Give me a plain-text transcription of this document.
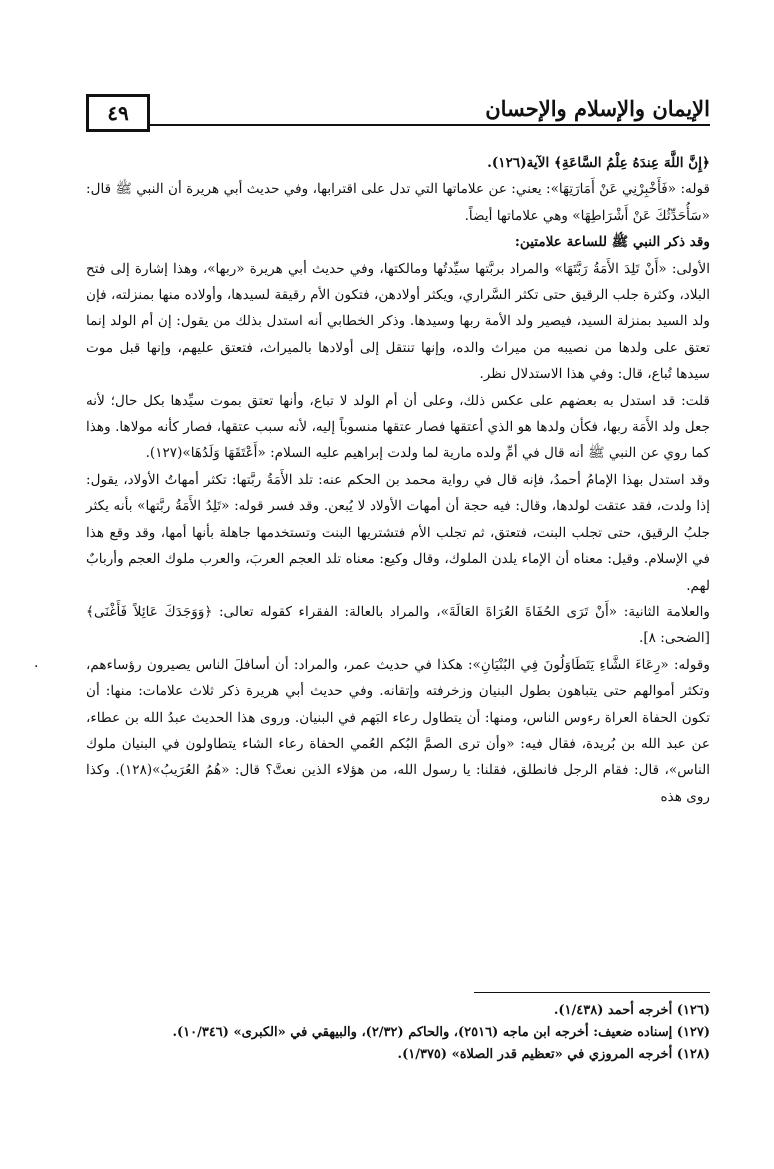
الإيمان والإسلام والإحسان
٤٩

﴿إِنَّ اللَّهَ عِندَهُ عِلْمُ السَّاعَةِ﴾ الآية(١٢٦).

قوله: «فَأَخْبِرْنِي عَنْ أَمَارَتِهَا»: يعني: عن علاماتها التي تدل على اقترابها، وفي حديث أبي هريرة أن النبي ﷺ قال: «سَأُحَدِّثُكَ عَنْ أَشْرَاطِهَا» وهي علاماتها أيضاً.

وقد ذكر النبي ﷺ للساعة علامتين:

الأولى: «أَنْ تَلِدَ الأَمَةُ رَبَّتَهَا» والمراد بربَّتها سيِّدتُها ومالكتها، وفي حديث أبي هريرة «ربها»، وهذا إشارة إلى فتح البلاد، وكثرة جلب الرقيق حتى تكثر السَّراري، ويكثر أولادهن، فتكون الأم رقيقة لسيدها، وأولاده منها بمنزلته، فإن ولد السيد بمنزلة السيد، فيصير ولد الأمة ربها وسيدها. وذكر الخطابي أنه استدل بذلك من يقول: إن أم الولد إنما تعتق على ولدها من نصيبه من ميراث والده، وإنها تنتقل إلى أولادها بالميراث، فتعتق عليهم، وإنها قبل موت سيدها تُباع، قال: وفي هذا الاستدلال نظر.

قلت: قد استدل به بعضهم على عكس ذلك، وعلى أن أم الولد لا تباع، وأنها تعتق بموت سيِّدها بكل حال؛ لأنه جعل ولد الأَمَة ربها، فكأن ولدها هو الذي أعتقها فصار عتقها منسوباً إليه، لأنه سبب عتقها، فصار كأنه مولاها. وهذا كما روي عن النبي ﷺ أنه قال في أمِّ ولده مارية لما ولدت إبراهيم عليه السلام: «أَعْتَقَهَا وَلَدُهَا»(١٢٧).

وقد استدل بهذا الإمامُ أحمدُ، فإنه قال في رواية محمد بن الحكم عنه: تلد الأَمَةُ ربَّتها: تكثر أمهاتُ الأولاد، يقول: إذا ولدت، فقد عتقت لولدها، وقال: فيه حجة أن أمهات الأولاد لا يُبعن. وقد فسر قوله: «تَلِدُ الأَمَةُ ربَّتها» بأنه يكثر جلبُ الرقيق، حتى تجلب البنت، فتعتق، ثم تجلب الأم فتشتريها البنت وتستخدمها جاهلة بأنها أمها، وقد وقع هذا في الإسلام. وقيل: معناه أن الإماء يلدن الملوك، وقال وكيع: معناه تلد العجم العربَ، والعرب ملوك العجم وأربابٌ لهم.

والعلامة الثانية: «أَنْ تَرَى الحُفَاةَ العُرَاةَ العَالَةَ»، والمراد بالعالة: الفقراء كقوله تعالى: ﴿وَوَجَدَكَ عَائِلاً فَأَغْنَى﴾ [الضحى: ٨].

وقوله: «رِعَاءَ الشَّاءِ يَتَطَاوَلُونَ فِي البُنْيَانِ»: هكذا في حديث عمر، والمراد: أن أسافلَ الناس يصيرون رؤساءهم، وتكثر أموالهم حتى يتباهون بطول البنيان وزخرفته وإتقانه. وفي حديث أبي هريرة ذكر ثلاث علامات: منها: أن تكون الحفاة العراة رءوس الناس، ومنها: أن يتطاول رعاء البَهم في البنيان. وروى هذا الحديث عبدُ الله بن عطاء، عن عبد الله بن بُريدة، فقال فيه: «وأن ترى الصمَّ البُكم العُمي الحفاة رعاء الشاء يتطاولون في البنيان ملوك الناس»، قال: فقام الرجل فانطلق، فقلنا: يا رسول الله، من هؤلاء الذين نعتَّ؟ قال: «هُمُ العُرَيبُ»(١٢٨). وكذا روى هذه

.

(١٢٦) أخرجه أحمد (١/٤٣٨).

(١٢٧) إسناده ضعيف: أخرجه ابن ماجه (٢٥١٦)، والحاكم (٢/٣٢)، والبيهقي في «الكبرى» (١٠/٣٤٦).

(١٢٨) أخرجه المروزي في «تعظيم قدر الصلاة» (١/٣٧٥).
